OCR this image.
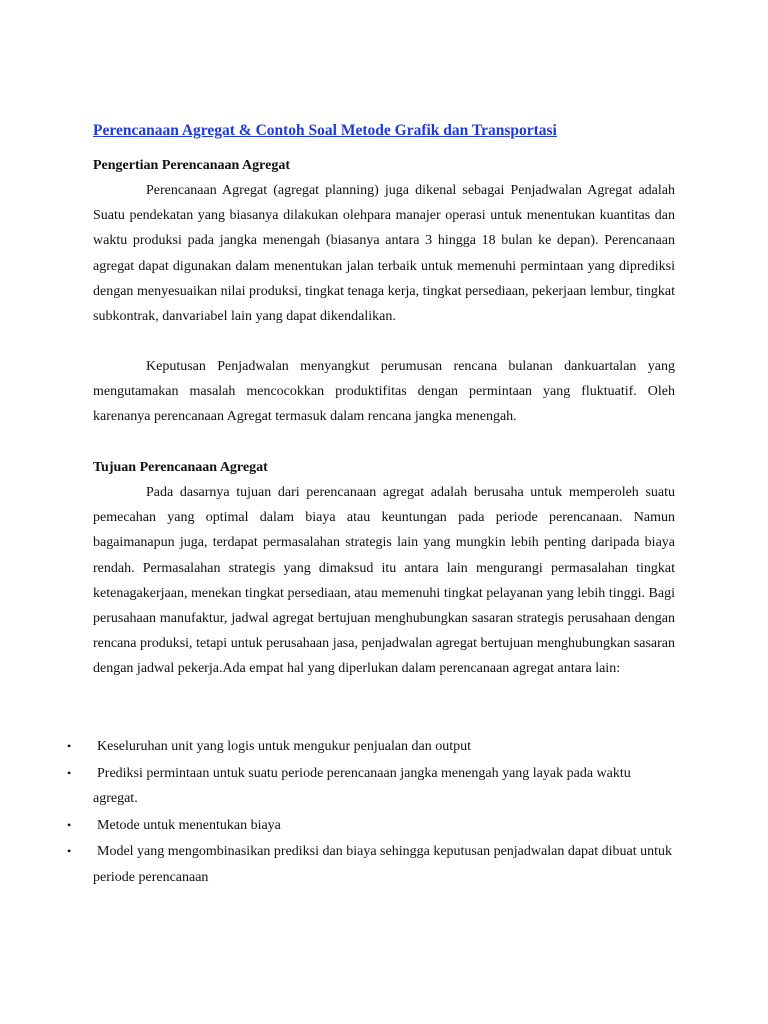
Perencanaan Agregat & Contoh Soal Metode Grafik dan Transportasi
Pengertian Perencanaan Agregat
Perencanaan Agregat (agregat planning) juga dikenal sebagai Penjadwalan Agregat adalah Suatu pendekatan yang biasanya dilakukan olehpara manajer operasi untuk menentukan kuantitas dan waktu produksi pada jangka menengah (biasanya antara 3 hingga 18 bulan ke depan). Perencanaan agregat dapat digunakan dalam menentukan jalan terbaik untuk memenuhi permintaan yang diprediksi dengan menyesuaikan nilai produksi, tingkat tenaga kerja, tingkat persediaan, pekerjaan lembur, tingkat subkontrak, danvariabel lain yang dapat dikendalikan.
Keputusan Penjadwalan menyangkut perumusan rencana bulanan dankuartalan yang mengutamakan masalah mencocokkan produktifitas dengan permintaan yang fluktuatif. Oleh karenanya perencanaan Agregat termasuk dalam rencana jangka menengah.
Tujuan Perencanaan Agregat
Pada dasarnya tujuan dari perencanaan agregat adalah berusaha untuk memperoleh suatu pemecahan yang optimal dalam biaya atau keuntungan pada periode perencanaan. Namun bagaimanapun juga, terdapat permasalahan strategis lain yang mungkin lebih penting daripada biaya rendah. Permasalahan strategis yang dimaksud itu antara lain mengurangi permasalahan tingkat ketenagakerjaan, menekan tingkat persediaan, atau memenuhi tingkat pelayanan yang lebih tinggi. Bagi perusahaan manufaktur, jadwal agregat bertujuan menghubungkan sasaran strategis perusahaan dengan rencana produksi, tetapi untuk perusahaan jasa, penjadwalan agregat bertujuan menghubungkan sasaran dengan jadwal pekerja.Ada empat hal yang diperlukan dalam perencanaan agregat antara lain:
• Keseluruhan unit yang logis untuk mengukur penjualan dan output
• Prediksi permintaan untuk suatu periode perencanaan jangka menengah yang layak pada waktu agregat.
• Metode untuk menentukan biaya
• Model yang mengombinasikan prediksi dan biaya sehingga keputusan penjadwalan dapat dibuat untuk periode perencanaan
